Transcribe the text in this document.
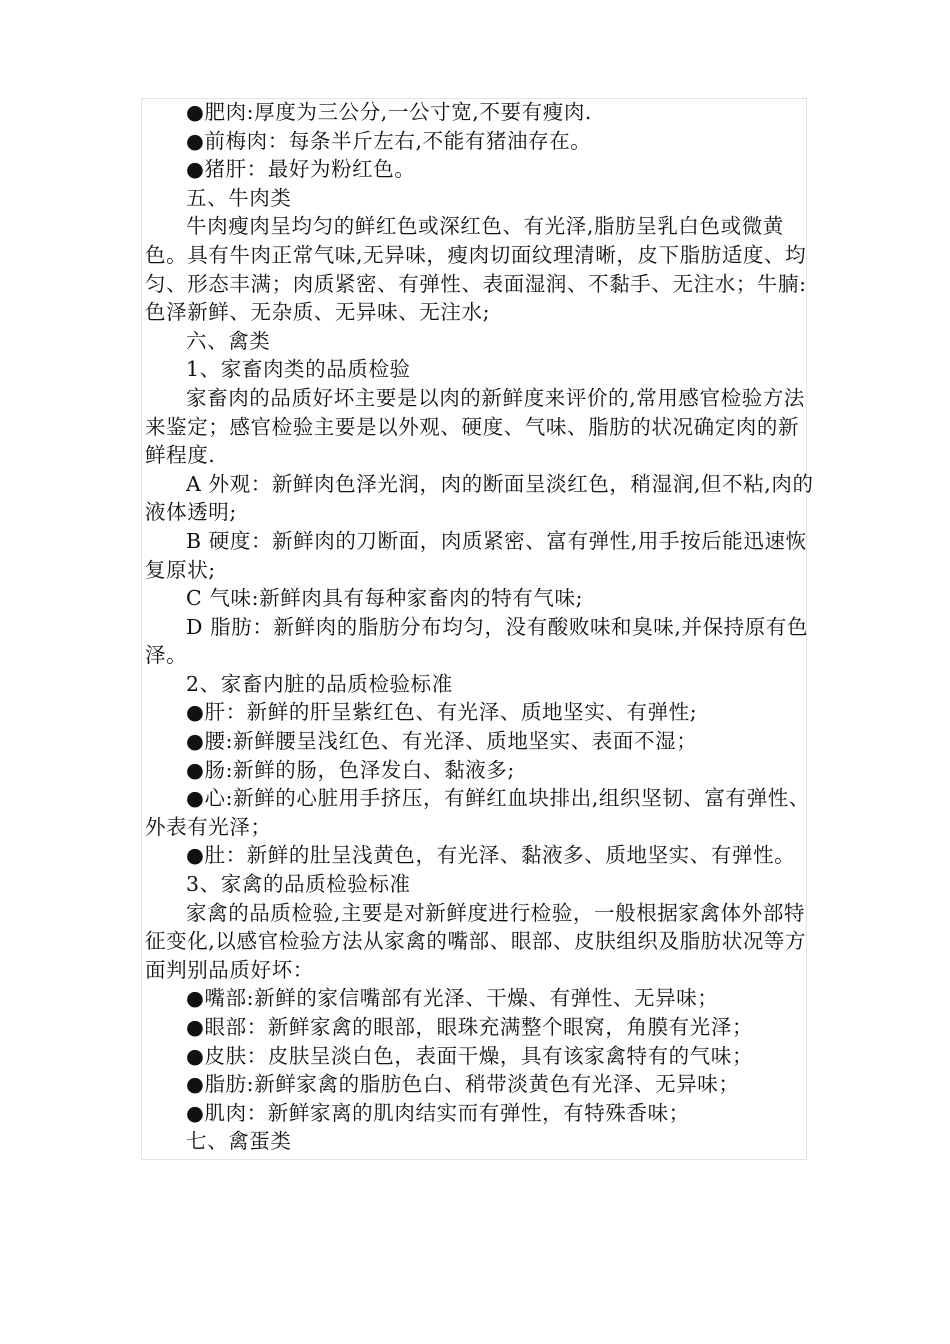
●肥肉:厚度为三公分,一公寸宽,不要有瘦肉.

●前梅肉：每条半斤左右,不能有猪油存在。

●猪肝：最好为粉红色。

五、牛肉类

牛肉瘦肉呈均匀的鲜红色或深红色、有光泽,脂肪呈乳白色或微黄色。具有牛肉正常气味,无异味，瘦肉切面纹理清晰，皮下脂肪适度、均匀、形态丰满；肉质紧密、有弹性、表面湿润、不黏手、无注水；牛腩:色泽新鲜、无杂质、无异味、无注水;

六、禽类

1、家畜肉类的品质检验

家畜肉的品质好坏主要是以肉的新鲜度来评价的,常用感官检验方法来鉴定；感官检验主要是以外观、硬度、气味、脂肪的状况确定肉的新鲜程度.

A 外观：新鲜肉色泽光润，肉的断面呈淡红色，稍湿润,但不粘,肉的液体透明;

B 硬度：新鲜肉的刀断面，肉质紧密、富有弹性,用手按后能迅速恢复原状;

C 气味:新鲜肉具有每种家畜肉的特有气味;

D 脂肪：新鲜肉的脂肪分布均匀，没有酸败味和臭味,并保持原有色泽。

2、家畜内脏的品质检验标准

●肝：新鲜的肝呈紫红色、有光泽、质地坚实、有弹性;

●腰:新鲜腰呈浅红色、有光泽、质地坚实、表面不湿；

●肠:新鲜的肠，色泽发白、黏液多;

●心:新鲜的心脏用手挤压，有鲜红血块排出,组织坚韧、富有弹性、外表有光泽；

●肚：新鲜的肚呈浅黄色，有光泽、黏液多、质地坚实、有弹性。

3、家禽的品质检验标准

家禽的品质检验,主要是对新鲜度进行检验，一般根据家禽体外部特征变化,以感官检验方法从家禽的嘴部、眼部、皮肤组织及脂肪状况等方面判别品质好坏：

●嘴部:新鲜的家信嘴部有光泽、干燥、有弹性、无异味；

●眼部：新鲜家禽的眼部，眼珠充满整个眼窝，角膜有光泽；

●皮肤：皮肤呈淡白色，表面干燥，具有该家禽特有的气味；

●脂肪:新鲜家禽的脂肪色白、稍带淡黄色有光泽、无异味；

●肌肉：新鲜家离的肌肉结实而有弹性，有特殊香味；

七、禽蛋类
